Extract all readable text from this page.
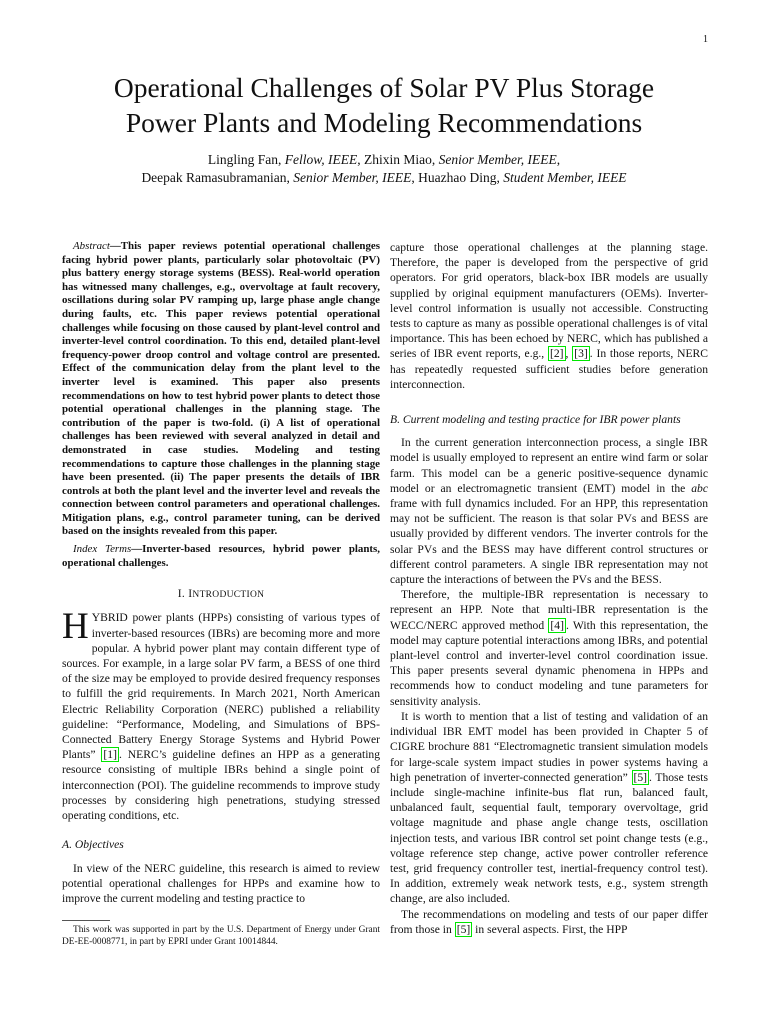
1
Operational Challenges of Solar PV Plus Storage
Power Plants and Modeling Recommendations
Lingling Fan, Fellow, IEEE, Zhixin Miao, Senior Member, IEEE,
Deepak Ramasubramanian, Senior Member, IEEE, Huazhao Ding, Student Member, IEEE

Abstract—This paper reviews potential operational challenges facing hybrid power plants, particularly solar photovoltaic (PV) plus battery energy storage systems (BESS). Real-world operation has witnessed many challenges, e.g., overvoltage at fault recovery, oscillations during solar PV ramping up, large phase angle change during faults, etc. This paper reviews potential operational challenges while focusing on those caused by plant-level control and inverter-level control coordination. To this end, detailed plant-level frequency-power droop control and voltage control are presented. Effect of the communication delay from the plant level to the inverter level is examined. This paper also presents recommendations on how to test hybrid power plants to detect those potential operational challenges in the planning stage. The contribution of the paper is two-fold. (i) A list of operational challenges has been reviewed with several analyzed in detail and demonstrated in case studies. Modeling and testing recommendations to capture those challenges in the planning stage have been presented. (ii) The paper presents the details of IBR controls at both the plant level and the inverter level and reveals the connection between control parameters and operational challenges. Mitigation plans, e.g., control parameter tuning, can be derived based on the insights revealed from this paper.

Index Terms—Inverter-based resources, hybrid power plants, operational challenges.

I. INTRODUCTION

HYBRID power plants (HPPs) consisting of various types of inverter-based resources (IBRs) are becoming more and more popular. A hybrid power plant may contain different type of sources. For example, in a large solar PV farm, a BESS of one third of the size may be employed to provide desired frequency responses to fulfill the grid requirements. In March 2021, North American Electric Reliability Corporation (NERC) published a reliability guideline: “Performance, Modeling, and Simulations of BPS-Connected Battery Energy Storage Systems and Hybrid Power Plants” [1] . NERC’s guideline defines an HPP as a generating resource consisting of multiple IBRs behind a single point of interconnection (POI). The guideline recommends to improve study processes by considering high penetrations, studying stressed operating conditions, etc.

A. Objectives

In view of the NERC guideline, this research is aimed to review potential operational challenges for HPPs and examine how to improve the current modeling and testing practice to

This work was supported in part by the U.S. Department of Energy under Grant DE-EE-0008771, in part by EPRI under Grant 10014844.

capture those operational challenges at the planning stage. Therefore, the paper is developed from the perspective of grid operators. For grid operators, black-box IBR models are usually supplied by original equipment manufacturers (OEMs). Inverter-level control information is usually not accessible. Constructing tests to capture as many as possible operational challenges is of vital importance. This has been echoed by NERC, which has published a series of IBR event reports, e.g., [2] , [3] . In those reports, NERC has repeatedly requested sufficient studies before generation interconnection.

B. Current modeling and testing practice for IBR power plants

In the current generation interconnection process, a single IBR model is usually employed to represent an entire wind farm or solar farm. This model can be a generic positive-sequence dynamic model or an electromagnetic transient (EMT) model in the abc frame with full dynamics included. For an HPP, this representation may not be sufficient. The reason is that solar PVs and BESS are usually provided by different vendors. The inverter controls for the solar PVs and the BESS may have different control structures or different control parameters. A single IBR representation may not capture the interactions of between the PVs and the BESS.

Therefore, the multiple-IBR representation is necessary to represent an HPP. Note that multi-IBR representation is the WECC/NERC approved method [4] . With this representation, the model may capture potential interactions among IBRs, and potential plant-level control and inverter-level control coordination issue. This paper presents several dynamic phenomena in HPPs and recommends how to conduct modeling and tune parameters for sensitivity analysis.

It is worth to mention that a list of testing and validation of an individual IBR EMT model has been provided in Chapter 5 of CIGRE brochure 881 “Electromagnetic transient simulation models for large-scale system impact studies in power systems having a high penetration of inverter-connected generation” [5] . Those tests include single-machine infinite-bus flat run, balanced fault, unbalanced fault, sequential fault, temporary overvoltage, grid voltage magnitude and phase angle change tests, oscillation injection tests, and various IBR control set point change tests (e.g., voltage reference step change, active power controller reference test, grid frequency controller test, inertial-frequency control test). In addition, extremely weak network tests, e.g., system strength change, are also included.

The recommendations on modeling and tests of our paper differ from those in [5] in several aspects. First, the HPP
